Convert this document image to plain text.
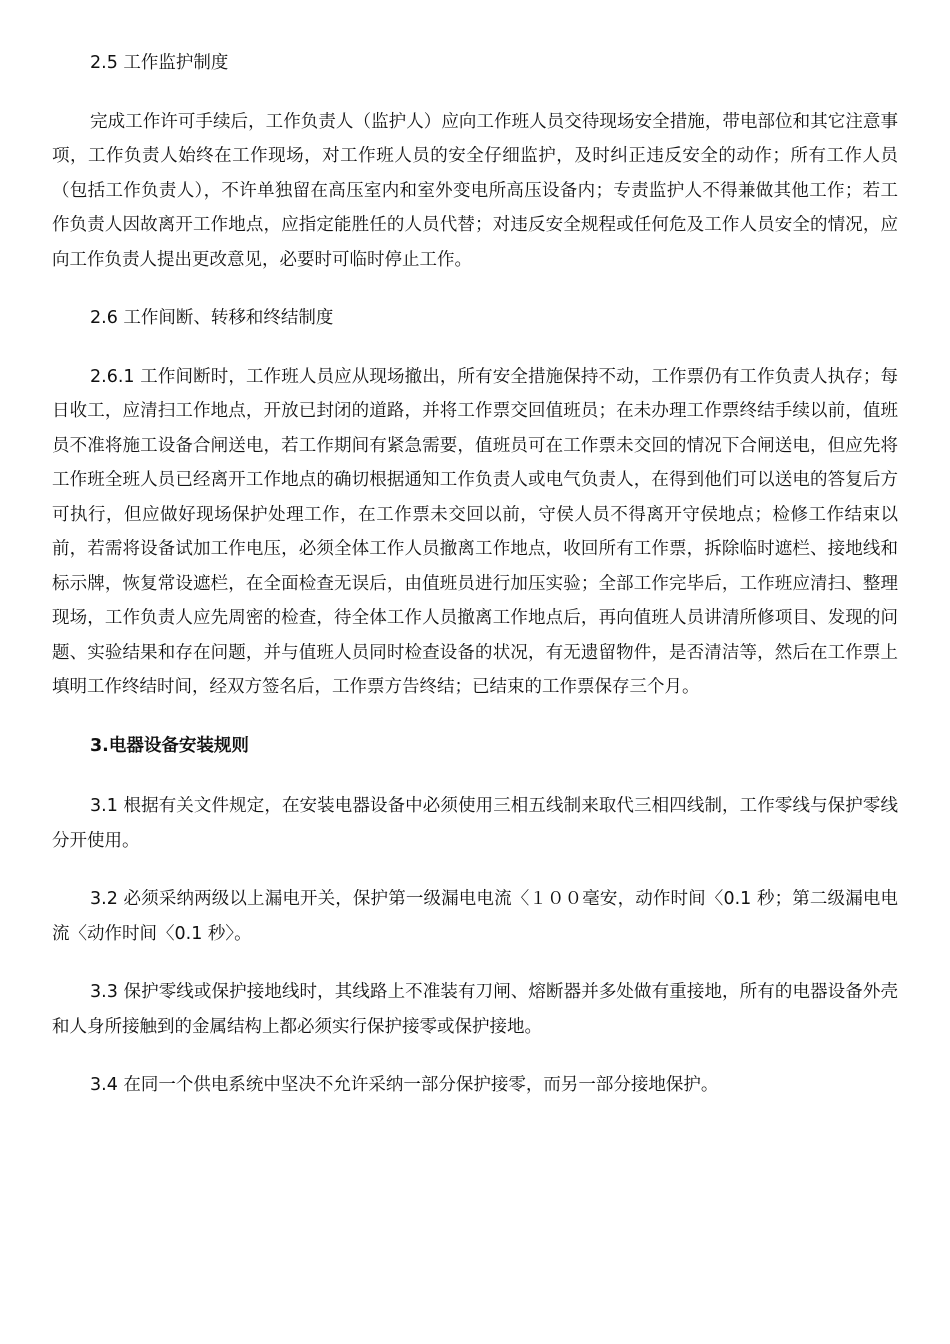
2.5 工作监护制度

完成工作许可手续后，工作负责人（监护人）应向工作班人员交待现场安全措施，带电部位和其它注意事项，工作负责人始终在工作现场，对工作班人员的安全仔细监护，及时纠正违反安全的动作；所有工作人员（包括工作负责人），不许单独留在高压室内和室外变电所高压设备内；专责监护人不得兼做其他工作；若工作负责人因故离开工作地点，应指定能胜任的人员代替；对违反安全规程或任何危及工作人员安全的情况，应向工作负责人提出更改意见，必要时可临时停止工作。

2.6 工作间断、转移和终结制度

2.6.1 工作间断时，工作班人员应从现场撤出，所有安全措施保持不动，工作票仍有工作负责人执存；每日收工，应清扫工作地点，开放已封闭的道路，并将工作票交回值班员；在未办理工作票终结手续以前，值班员不准将施工设备合闸送电，若工作期间有紧急需要，值班员可在工作票未交回的情况下合闸送电，但应先将工作班全班人员已经离开工作地点的确切根据通知工作负责人或电气负责人，在得到他们可以送电的答复后方可执行，但应做好现场保护处理工作，在工作票未交回以前，守侯人员不得离开守侯地点；检修工作结束以前，若需将设备试加工作电压，必须全体工作人员撤离工作地点，收回所有工作票，拆除临时遮栏、接地线和标示牌，恢复常设遮栏，在全面检查无误后，由值班员进行加压实验；全部工作完毕后，工作班应清扫、整理现场，工作负责人应先周密的检查，待全体工作人员撤离工作地点后，再向值班人员讲清所修项目、发现的问题、实验结果和存在问题，并与值班人员同时检查设备的状况，有无遗留物件，是否清洁等，然后在工作票上填明工作终结时间，经双方签名后，工作票方告终结；已结束的工作票保存三个月。

3.电器设备安装规则

3.1 根据有关文件规定，在安装电器设备中必须使用三相五线制来取代三相四线制，工作零线与保护零线分开使用。

3.2 必须采纳两级以上漏电开关，保护第一级漏电电流〈１００毫安，动作时间〈0.1 秒；第二级漏电电流〈动作时间〈0.1 秒〉。

3.3 保护零线或保护接地线时，其线路上不准装有刀闸、熔断器并多处做有重接地，所有的电器设备外壳和人身所接触到的金属结构上都必须实行保护接零或保护接地。

3.4 在同一个供电系统中坚决不允许采纳一部分保护接零，而另一部分接地保护。
